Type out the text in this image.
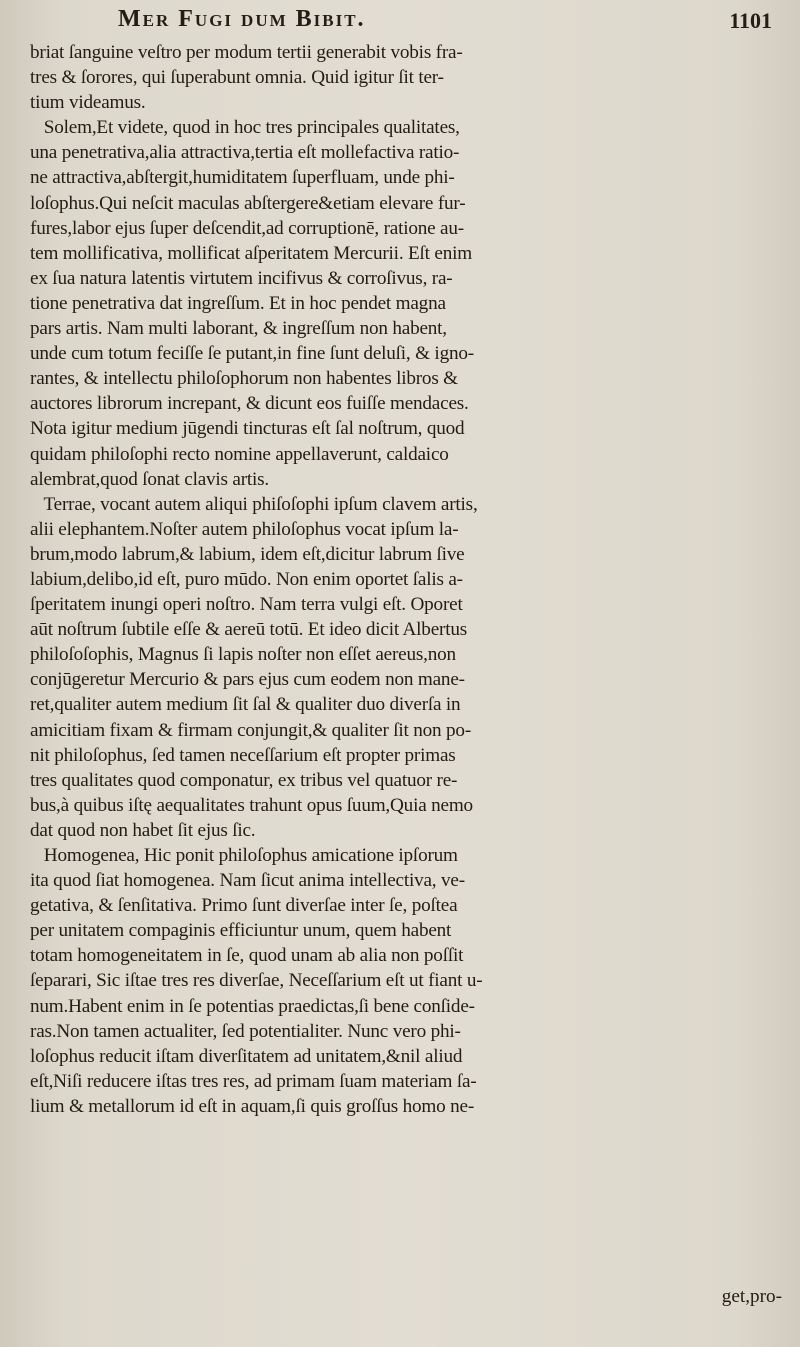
Mer Fugi dum Bibit.	1101
briat ſanguine veſtro per modum tertii generabit vobis fra-
tres & ſorores, qui ſuperabunt omnia. Quid igitur ſit ter-
tium videamus.
Solem,Et videte, quod in hoc tres principales qualitates,
una penetrativa,alia attractiva,tertia eſt mollefactiva ratio-
ne attractiva,abſtergit,humiditatem ſuperfluam, unde phi-
loſophus.Qui neſcit maculas abſtergere&etiam elevare fur-
fures,labor ejus ſuper deſcendit,ad corruptionē, ratione au-
tem mollificativa, mollificat aſperitatem Mercurii. Eſt enim
ex ſua natura latentis virtutem incifivus & corroſivus, ra-
tione penetrativa dat ingreſſum. Et in hoc pendet magna
pars artis. Nam multi laborant, & ingreſſum non habent,
unde cum totum feciſſe ſe putant,in fine ſunt deluſi, & igno-
rantes, & intellectu philoſophorum non habentes libros &
auctores librorum increpant, & dicunt eos fuiſſe mendaces.
Nota igitur medium jūgendi tincturas eſt ſal noſtrum, quod
quidam philoſophi recto nomine appellaverunt, caldaico
alembrat,quod ſonat clavis artis.
Terrae, vocant autem aliqui phiſoſophi ipſum clavem artis,
alii elephantem.Noſter autem philoſophus vocat ipſum la-
brum,modo labrum,& labium, idem eſt,dicitur labrum ſive
labium,delibo,id eſt, puro mūdo. Non enim oportet ſalis a-
ſperitatem inungi operi noſtro. Nam terra vulgi eſt. Oporet
aūt noſtrum ſubtile eſſe & aereū totū. Et ideo dicit Albertus
philoſoſophis, Magnus ſi lapis noſter non eſſet aereus,non
conjūgeretur Mercurio & pars ejus cum eodem non mane-
ret,qualiter autem medium ſit ſal & qualiter duo diverſa in
amicitiam fixam & firmam conjungit,& qualiter ſit non po-
nit philoſophus, ſed tamen neceſſarium eſt propter primas
tres qualitates quod componatur, ex tribus vel quatuor re-
bus,à quibus iſtę aequalitates trahunt opus ſuum,Quia nemo
dat quod non habet ſit ejus ſic.
Homogenea, Hic ponit philoſophus amicatione ipſorum
ita quod ſiat homogenea. Nam ſicut anima intellectiva, ve-
getativa, & ſenſitativa. Primo ſunt diverſae inter ſe, poſtea
per unitatem compaginis efficiuntur unum, quem habent
totam homogeneitatem in ſe, quod unam ab alia non poſſit
ſeparari, Sic iſtae tres res diverſae, Neceſſarium eſt ut fiant u-
num.Habent enim in ſe potentias praedictas,ſi bene conſide-
ras.Non tamen actualiter, ſed potentialiter. Nunc vero phi-
loſophus reducit iſtam diverſitatem ad unitatem,&nil aliud
eſt,Niſi reducere iſtas tres res, ad primam ſuam materiam ſa-
lium & metallorum id eſt in aquam,ſi quis groſſus homo ne-
get,pro-
